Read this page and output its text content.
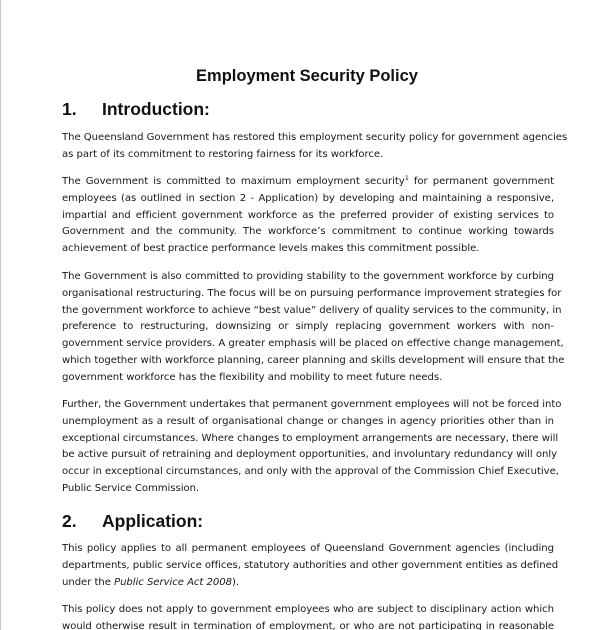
Employment Security Policy
1. Introduction:

The Queensland Government has restored this employment security policy for government agencies
as part of its commitment to restoring fairness for its workforce.

The Government is committed to maximum employment security$^1$ for permanent government
employees (as outlined in section 2 - Application) by developing and maintaining a responsive,
impartial and efficient government workforce as the preferred provider of existing services to
Government and the community. The workforce’s commitment to continue working towards
achievement of best practice performance levels makes this commitment possible.

The Government is also committed to providing stability to the government workforce by curbing
organisational restructuring. The focus will be on pursuing performance improvement strategies for
the government workforce to achieve “best value” delivery of quality services to the community, in
preference to restructuring, downsizing or simply replacing government workers with non-
government service providers. A greater emphasis will be placed on effective change management,
which together with workforce planning, career planning and skills development will ensure that the
government workforce has the flexibility and mobility to meet future needs.

Further, the Government undertakes that permanent government employees will not be forced into
unemployment as a result of organisational change or changes in agency priorities other than in
exceptional circumstances. Where changes to employment arrangements are necessary, there will
be active pursuit of retraining and deployment opportunities, and involuntary redundancy will only
occur in exceptional circumstances, and only with the approval of the Commission Chief Executive,
Public Service Commission.

2. Application:

This policy applies to all permanent employees of Queensland Government agencies (including
departments, public service offices, statutory authorities and other government entities as defined
under the Public Service Act 2008).

This policy does not apply to government employees who are subject to disciplinary action which
would otherwise result in termination of employment, or who are not participating in reasonable
